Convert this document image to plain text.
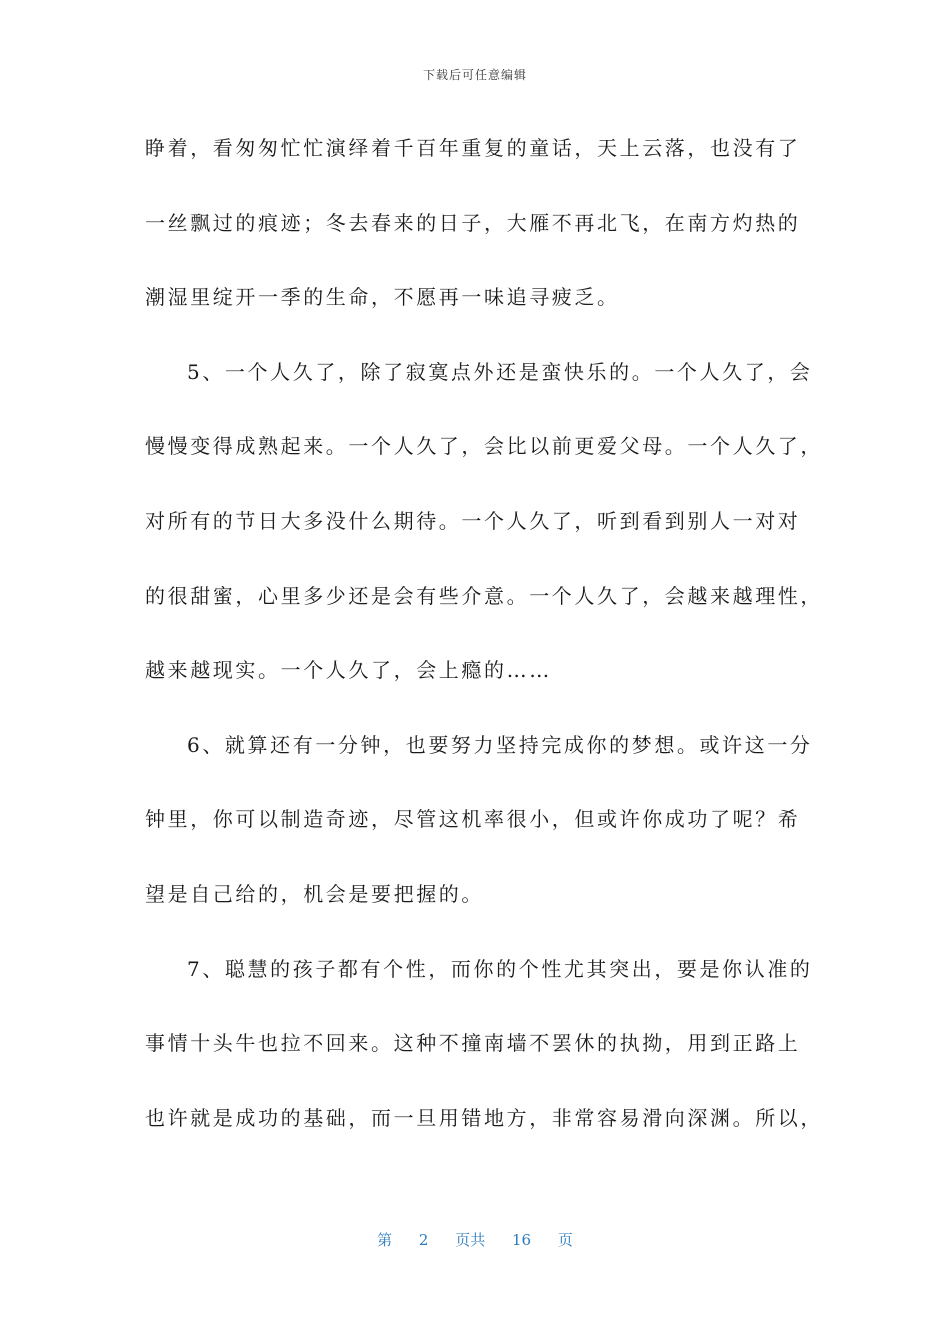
下载后可任意编辑
睁着，看匆匆忙忙演绎着千百年重复的童话，天上云落，也没有了
一丝飘过的痕迹；冬去春来的日子，大雁不再北飞，在南方灼热的
潮湿里绽开一季的生命，不愿再一味追寻疲乏。
5、一个人久了，除了寂寞点外还是蛮快乐的。一个人久了，会
慢慢变得成熟起来。一个人久了，会比以前更爱父母。一个人久了，
对所有的节日大多没什么期待。一个人久了，听到看到别人一对对
的很甜蜜，心里多少还是会有些介意。一个人久了，会越来越理性，
越来越现实。一个人久了，会上瘾的……
6、就算还有一分钟，也要努力坚持完成你的梦想。或许这一分
钟里，你可以制造奇迹，尽管这机率很小，但或许你成功了呢？希
望是自己给的，机会是要把握的。
7、聪慧的孩子都有个性，而你的个性尤其突出，要是你认准的
事情十头牛也拉不回来。这种不撞南墙不罢休的执拗，用到正路上
也许就是成功的基础，而一旦用错地方，非常容易滑向深渊。所以，
第 2 页共 16 页
